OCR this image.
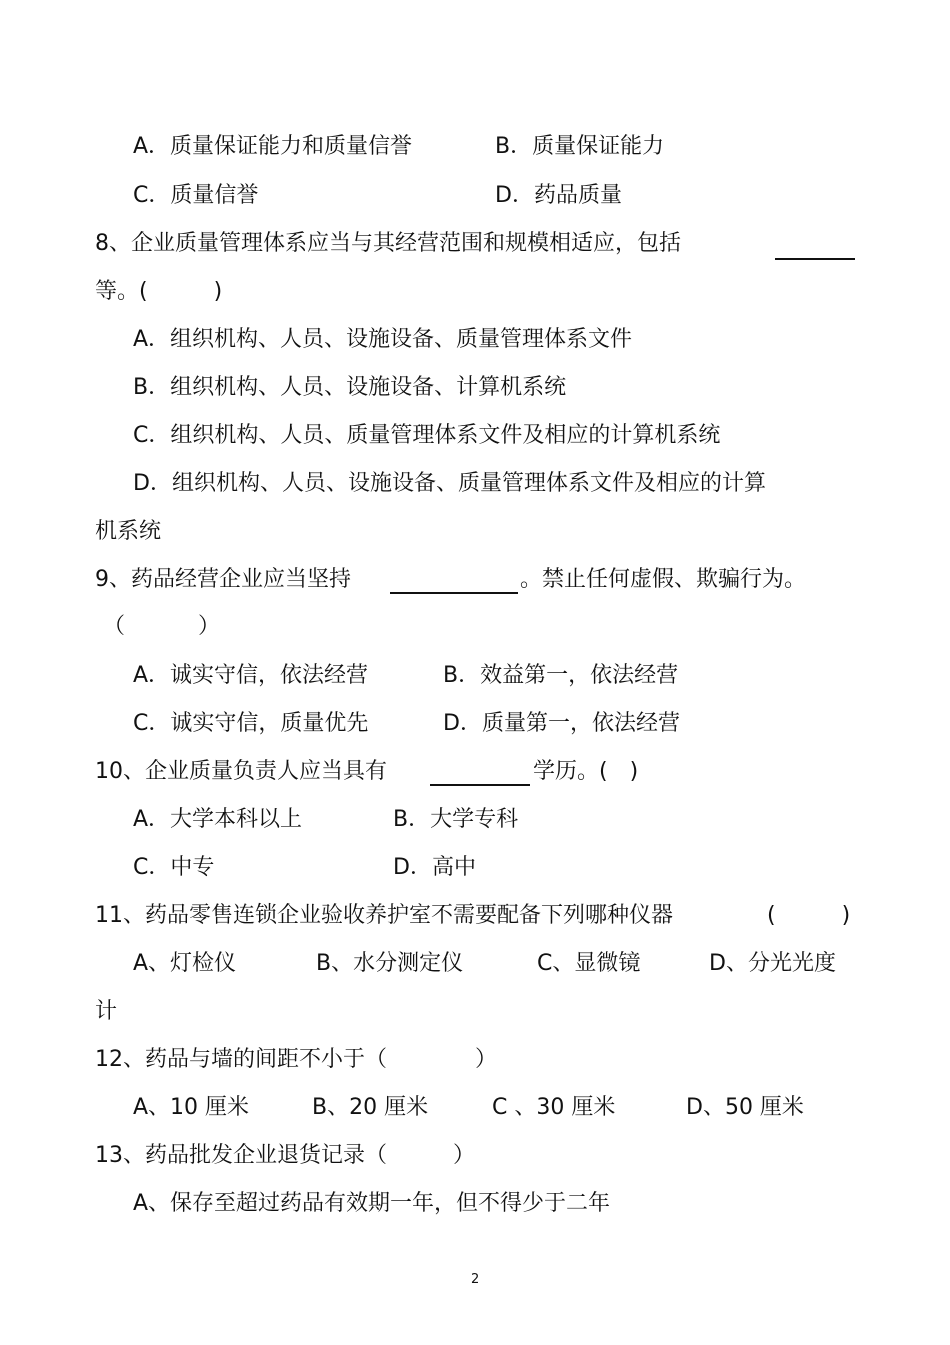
A．质量保证能力和质量信誉	B．质量保证能力
C．质量信誉	D．药品质量
8、企业质量管理体系应当与其经营范围和规模相适应，包括
等。(　　　)
A．组织机构、人员、设施设备、质量管理体系文件
B．组织机构、人员、设施设备、计算机系统
C．组织机构、人员、质量管理体系文件及相应的计算机系统
D．组织机构、人员、设施设备、质量管理体系文件及相应的计算
机系统
9、药品经营企业应当坚持	。禁止任何虚假、欺骗行为。
（　　　 ）
A．诚实守信，依法经营	B．效益第一，依法经营
C．诚实守信，质量优先	D．质量第一，依法经营
10、企业质量负责人应当具有	学历。(　)
A．大学本科以上	B．大学专科
C．中专	D．高中
11、药品零售连锁企业验收养护室不需要配备下列哪种仪器	(　　　)
A、灯检仪	B、水分测定仪	C、显微镜	D、分光光度
计
12、药品与墙的间距不小于（　　　　）
A、10 厘米	B、20 厘米	C 、30 厘米	D、50 厘米
13、药品批发企业退货记录（　　　）
A、保存至超过药品有效期一年，但不得少于二年
2
